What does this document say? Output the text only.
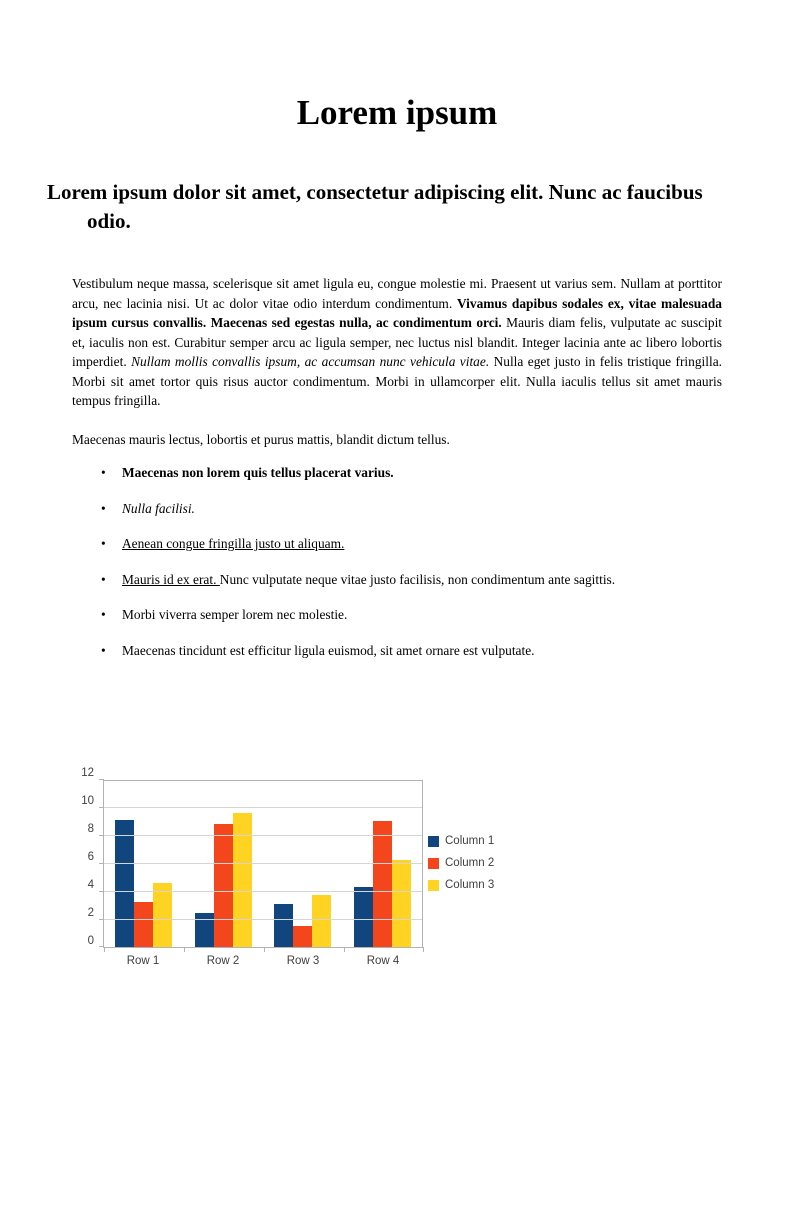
Lorem ipsum
Lorem ipsum dolor sit amet, consectetur adipiscing elit. Nunc ac faucibus odio.

Vestibulum neque massa, scelerisque sit amet ligula eu, congue molestie mi. Praesent ut varius sem. Nullam at porttitor arcu, nec lacinia nisi. Ut ac dolor vitae odio interdum condimentum. Vivamus dapibus sodales ex, vitae malesuada ipsum cursus convallis. Maecenas sed egestas nulla, ac condimentum orci. Mauris diam felis, vulputate ac suscipit et, iaculis non est. Curabitur semper arcu ac ligula semper, nec luctus nisl blandit. Integer lacinia ante ac libero lobortis imperdiet. Nullam mollis convallis ipsum, ac accumsan nunc vehicula vitae. Nulla eget justo in felis tristique fringilla. Morbi sit amet tortor quis risus auctor condimentum. Morbi in ullamcorper elit. Nulla iaculis tellus sit amet mauris tempus fringilla.

Maecenas mauris lectus, lobortis et purus mattis, blandit dictum tellus.

•	Maecenas non lorem quis tellus placerat varius.
•	Nulla facilisi.
•	Aenean congue fringilla justo ut aliquam.
•	Mauris id ex erat. Nunc vulputate neque vitae justo facilisis, non condimentum ante sagittis.
•	Morbi viverra semper lorem nec molestie.
•	Maecenas tincidunt est efficitur ligula euismod, sit amet ornare est vulputate.
0
2
4
6
8
10
12
Row 1	Row 2	Row 3	Row 4
Column 1
Column 2
Column 3
